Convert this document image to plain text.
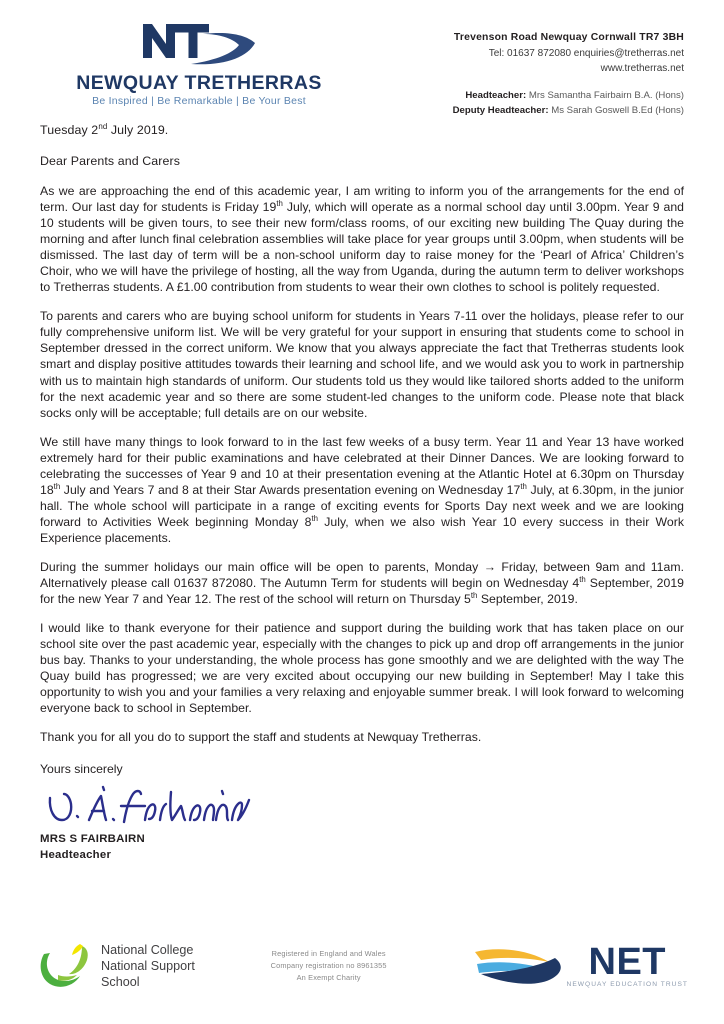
NEWQUAY TRETHERRAS
Be Inspired | Be Remarkable | Be Your Best
Trevenson Road Newquay Cornwall TR7 3BH
Tel: 01637 872080 enquiries@tretherras.net
www.tretherras.net
Headteacher: Mrs Samantha Fairbairn B.A. (Hons)
Deputy Headteacher: Ms Sarah Goswell B.Ed (Hons)
Tuesday 2nd July 2019.
Dear Parents and Carers

As we are approaching the end of this academic year, I am writing to inform you of the arrangements for the end of term. Our last day for students is Friday 19th July, which will operate as a normal school day until 3.00pm. Year 9 and 10 students will be given tours, to see their new form/class rooms, of our exciting new building The Quay during the morning and after lunch final celebration assemblies will take place for year groups until 3.00pm, when students will be dismissed. The last day of term will be a non-school uniform day to raise money for the ‘Pearl of Africa’ Children’s Choir, who we will have the privilege of hosting, all the way from Uganda, during the autumn term to deliver workshops to Tretherras students. A £1.00 contribution from students to wear their own clothes to school is politely requested.

To parents and carers who are buying school uniform for students in Years 7-11 over the holidays, please refer to our fully comprehensive uniform list. We will be very grateful for your support in ensuring that students come to school in September dressed in the correct uniform. We know that you always appreciate the fact that Tretherras students look smart and display positive attitudes towards their learning and school life, and we would ask you to work in partnership with us to maintain high standards of uniform. Our students told us they would like tailored shorts added to the uniform for the next academic year and so there are some student-led changes to the uniform code. Please note that black socks only will be acceptable; full details are on our website.

We still have many things to look forward to in the last few weeks of a busy term. Year 11 and Year 13 have worked extremely hard for their public examinations and have celebrated at their Dinner Dances. We are looking forward to celebrating the successes of Year 9 and 10 at their presentation evening at the Atlantic Hotel at 6.30pm on Thursday 18th July and Years 7 and 8 at their Star Awards presentation evening on Wednesday 17th July, at 6.30pm, in the junior hall. The whole school will participate in a range of exciting events for Sports Day next week and we are looking forward to Activities Week beginning Monday 8th July, when we also wish Year 10 every success in their Work Experience placements.

During the summer holidays our main office will be open to parents, Monday → Friday, between 9am and 11am. Alternatively please call 01637 872080. The Autumn Term for students will begin on Wednesday 4th September, 2019 for the new Year 7 and Year 12. The rest of the school will return on Thursday 5th September, 2019.

I would like to thank everyone for their patience and support during the building work that has taken place on our school site over the past academic year, especially with the changes to pick up and drop off arrangements in the junior bus bay. Thanks to your understanding, the whole process has gone smoothly and we are delighted with the way The Quay build has progressed; we are very excited about occupying our new building in September! May I take this opportunity to wish you and your families a very relaxing and enjoyable summer break. I will look forward to welcoming everyone back to school in September.

Thank you for all you do to support the staff and students at Newquay Tretherras.

Yours sincerely
MRS S FAIRBAIRN
Headteacher
National College
National Support
School
Registered in England and Wales
Company registration no 8961355
An Exempt Charity	NET
NEWQUAY EDUCATION TRUST
